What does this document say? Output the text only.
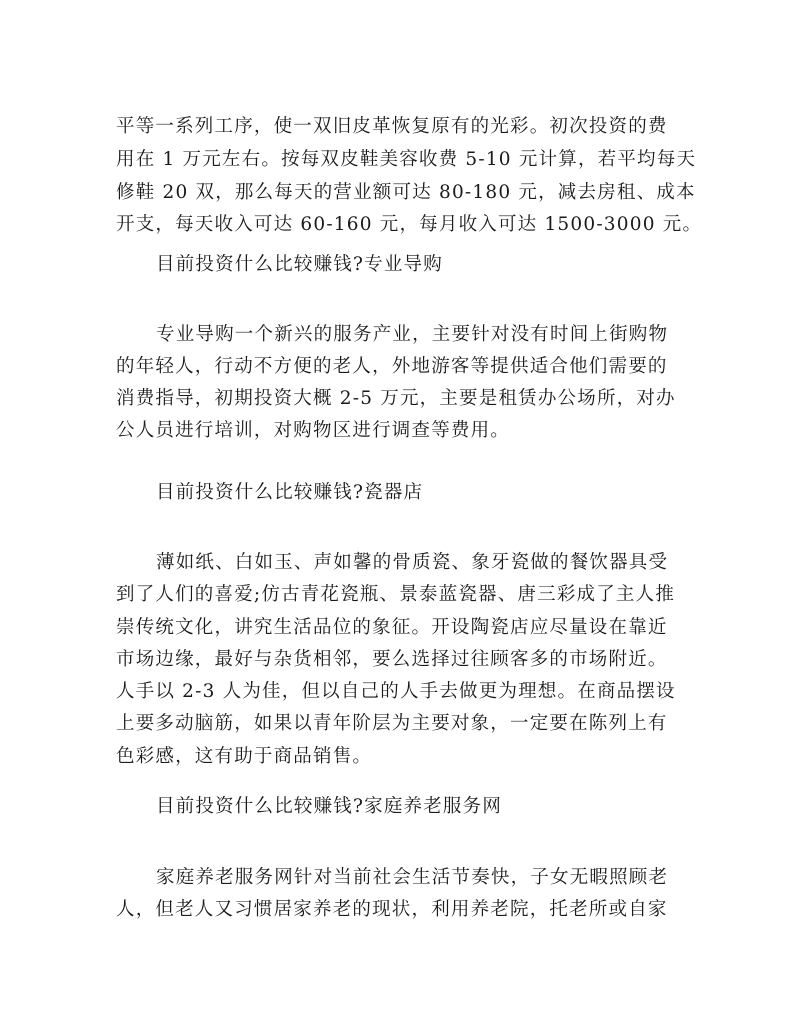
平等一系列工序，使一双旧皮革恢复原有的光彩。初次投资的费
用在 1 万元左右。按每双皮鞋美容收费 5-10 元计算，若平均每天
修鞋 20 双，那么每天的营业额可达 80-180 元，减去房租、成本
开支，每天收入可达 60-160 元，每月收入可达 1500-3000 元。
目前投资什么比较赚钱?专业导购
专业导购一个新兴的服务产业，主要针对没有时间上街购物
的年轻人，行动不方便的老人，外地游客等提供适合他们需要的
消费指导，初期投资大概 2-5 万元，主要是租赁办公场所，对办
公人员进行培训，对购物区进行调查等费用。
目前投资什么比较赚钱?瓷器店
薄如纸、白如玉、声如馨的骨质瓷、象牙瓷做的餐饮器具受
到了人们的喜爱;仿古青花瓷瓶、景泰蓝瓷器、唐三彩成了主人推
崇传统文化，讲究生活品位的象征。开设陶瓷店应尽量设在靠近
市场边缘，最好与杂货相邻，要么选择过往顾客多的市场附近。
人手以 2-3 人为佳，但以自己的人手去做更为理想。在商品摆设
上要多动脑筋，如果以青年阶层为主要对象，一定要在陈列上有
色彩感，这有助于商品销售。
目前投资什么比较赚钱?家庭养老服务网
家庭养老服务网针对当前社会生活节奏快，子女无暇照顾老
人，但老人又习惯居家养老的现状，利用养老院，托老所或自家
